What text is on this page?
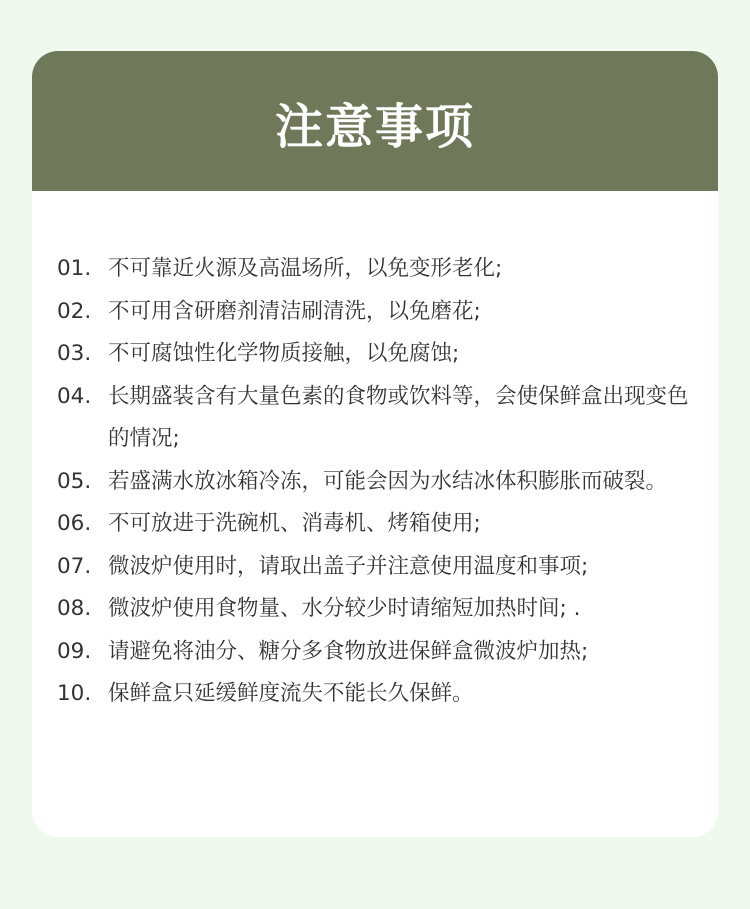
注意事项
01. 不可靠近火源及高温场所，以免变形老化;
02. 不可用含研磨剂清洁刷清洗，以免磨花;
03. 不可腐蚀性化学物质接触，以免腐蚀;
04. 长期盛装含有大量色素的食物或饮料等，会使保鲜盒出现变色的情况;
05. 若盛满水放冰箱冷冻，可能会因为水结冰体积膨胀而破裂。
06. 不可放进于洗碗机、消毒机、烤箱使用;
07. 微波炉使用时，请取出盖子并注意使用温度和事项;
08. 微波炉使用食物量、水分较少时请缩短加热时间; .
09. 请避免将油分、糖分多食物放进保鲜盒微波炉加热;
10. 保鲜盒只延缓鲜度流失不能长久保鲜。
